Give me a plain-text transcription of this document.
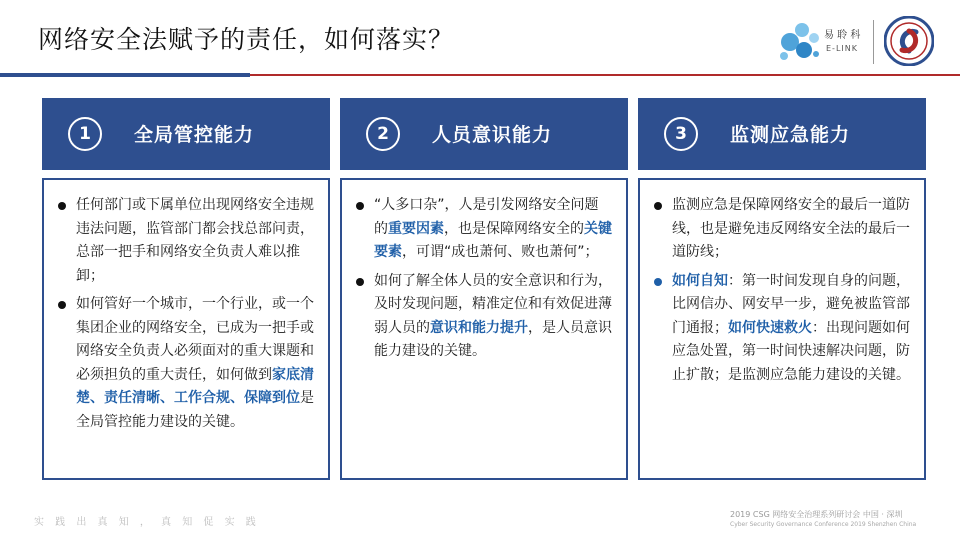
网络安全法赋予的责任，如何落实？	易 聆 科
E-LINK
1	全局管控能力
任何部门或下属单位出现网络安全违规违法问题，监管部门都会找总部问责，总部一把手和网络安全负责人难以推卸；
如何管好一个城市，一个行业，或一个集团企业的网络安全，已成为一把手或网络安全负责人必须面对的重大课题和必须担负的重大责任，如何做到家底清楚、责任清晰、工作合规、保障到位是全局管控能力建设的关键。
2	人员意识能力
“人多口杂”，人是引发网络安全问题的重要因素，也是保障网络安全的关键要素，可谓“成也萧何、败也萧何”；
如何了解全体人员的安全意识和行为，及时发现问题，精准定位和有效促进薄弱人员的意识和能力提升，是人员意识能力建设的关键。
3	监测应急能力
监测应急是保障网络安全的最后一道防线，也是避免违反网络安全法的最后一道防线；
如何自知：第一时间发现自身的问题，比网信办、网安早一步，避免被监管部门通报；如何快速救火：出现问题如何应急处置，第一时间快速解决问题，防止扩散；是监测应急能力建设的关键。
实 践 出 真 知 ， 真 知 促 实 践
2019 CSG 网络安全治理系列研讨会 中国 · 深圳
Cyber Security Governance Conference 2019 Shenzhen China
